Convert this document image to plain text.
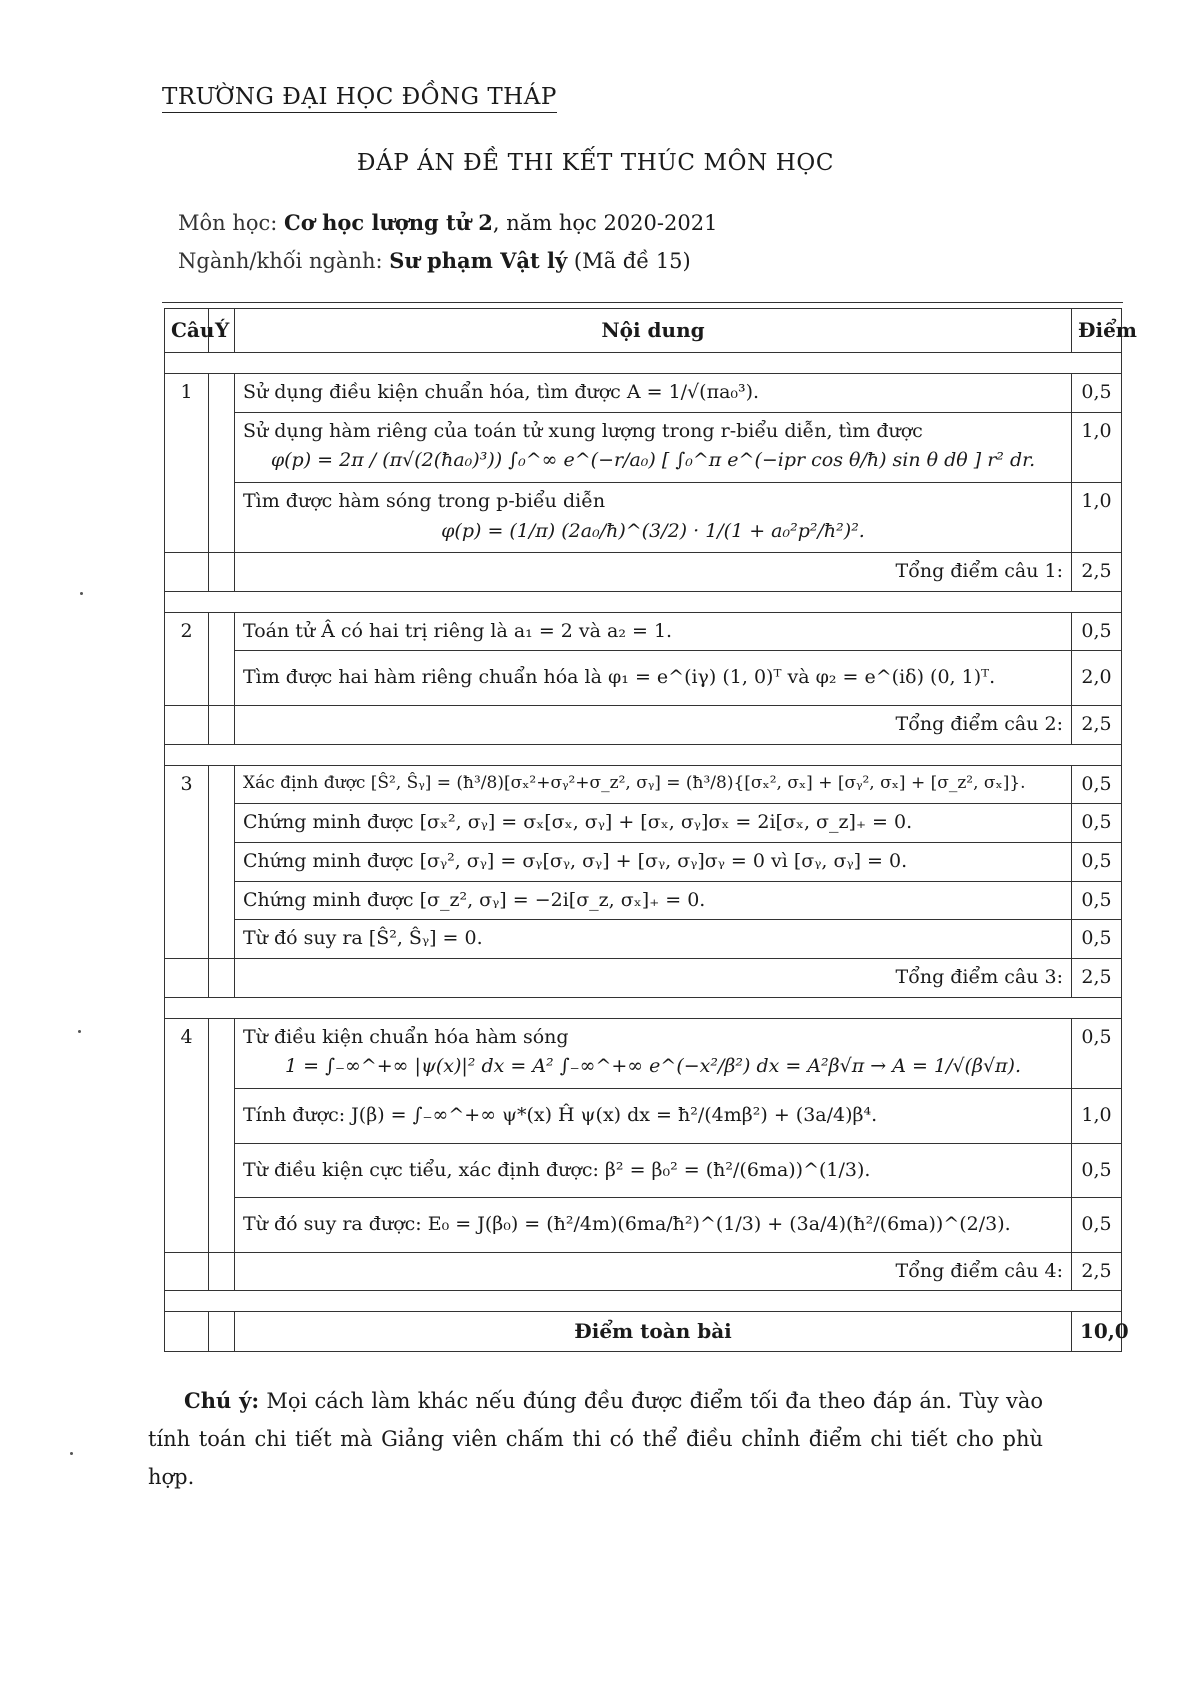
TRƯỜNG ĐẠI HỌC ĐỒNG THÁP
ĐÁP ÁN ĐỀ THI KẾT THÚC MÔN HỌC
Môn học: Cơ học lượng tử 2, năm học 2020-2021
Ngành/khối ngành: Sư phạm Vật lý (Mã đề 15)
Câu	Ý	Nội dung	Điểm

1		Sử dụng điều kiện chuẩn hóa, tìm được A = 1/√(πa₀³).	0,5
		Sử dụng hàm riêng của toán tử xung lượng trong r-biểu diễn, tìm được
φ(p) = 2π / (π√(2(ħa₀)³)) ∫₀^∞ e^(−r/a₀) [ ∫₀^π e^(−ipr cos θ/ħ) sin θ dθ ] r² dr.	1,0
		Tìm được hàm sóng trong p-biểu diễn
φ(p) = (1/π) (2a₀/ħ)^(3/2) · 1/(1 + a₀²p²/ħ²)².	1,0
		Tổng điểm câu 1:	2,5

2		Toán tử Â có hai trị riêng là a₁ = 2 và a₂ = 1.	0,5
		Tìm được hai hàm riêng chuẩn hóa là φ₁ = e^(iγ) (1, 0)ᵀ và φ₂ = e^(iδ) (0, 1)ᵀ.	2,0
		Tổng điểm câu 2:	2,5

3		Xác định được [Ŝ², Ŝᵧ] = (ħ³/8)[σₓ²+σᵧ²+σ_z², σᵧ] = (ħ³/8){[σₓ², σₓ] + [σᵧ², σₓ] + [σ_z², σₓ]}.	0,5
		Chứng minh được [σₓ², σᵧ] = σₓ[σₓ, σᵧ] + [σₓ, σᵧ]σₓ = 2i[σₓ, σ_z]₊ = 0.	0,5
		Chứng minh được [σᵧ², σᵧ] = σᵧ[σᵧ, σᵧ] + [σᵧ, σᵧ]σᵧ = 0 vì [σᵧ, σᵧ] = 0.	0,5
		Chứng minh được [σ_z², σᵧ] = −2i[σ_z, σₓ]₊ = 0.	0,5
		Từ đó suy ra [Ŝ², Ŝᵧ] = 0.	0,5
		Tổng điểm câu 3:	2,5

4		Từ điều kiện chuẩn hóa hàm sóng
1 = ∫₋∞^+∞ |ψ(x)|² dx = A² ∫₋∞^+∞ e^(−x²/β²) dx = A²β√π → A = 1/√(β√π).	0,5
		Tính được: J(β) = ∫₋∞^+∞ ψ*(x) Ĥ ψ(x) dx = ħ²/(4mβ²) + (3a/4)β⁴.	1,0
		Từ điều kiện cực tiểu, xác định được: β² = β₀² = (ħ²/(6ma))^(1/3).	0,5
		Từ đó suy ra được: E₀ = J(β₀) = (ħ²/4m)(6ma/ħ²)^(1/3) + (3a/4)(ħ²/(6ma))^(2/3).	0,5
		Tổng điểm câu 4:	2,5

		Điểm toàn bài	10,0
Chú ý: Mọi cách làm khác nếu đúng đều được điểm tối đa theo đáp án. Tùy vào tính toán chi tiết mà Giảng viên chấm thi có thể điều chỉnh điểm chi tiết cho phù hợp.
